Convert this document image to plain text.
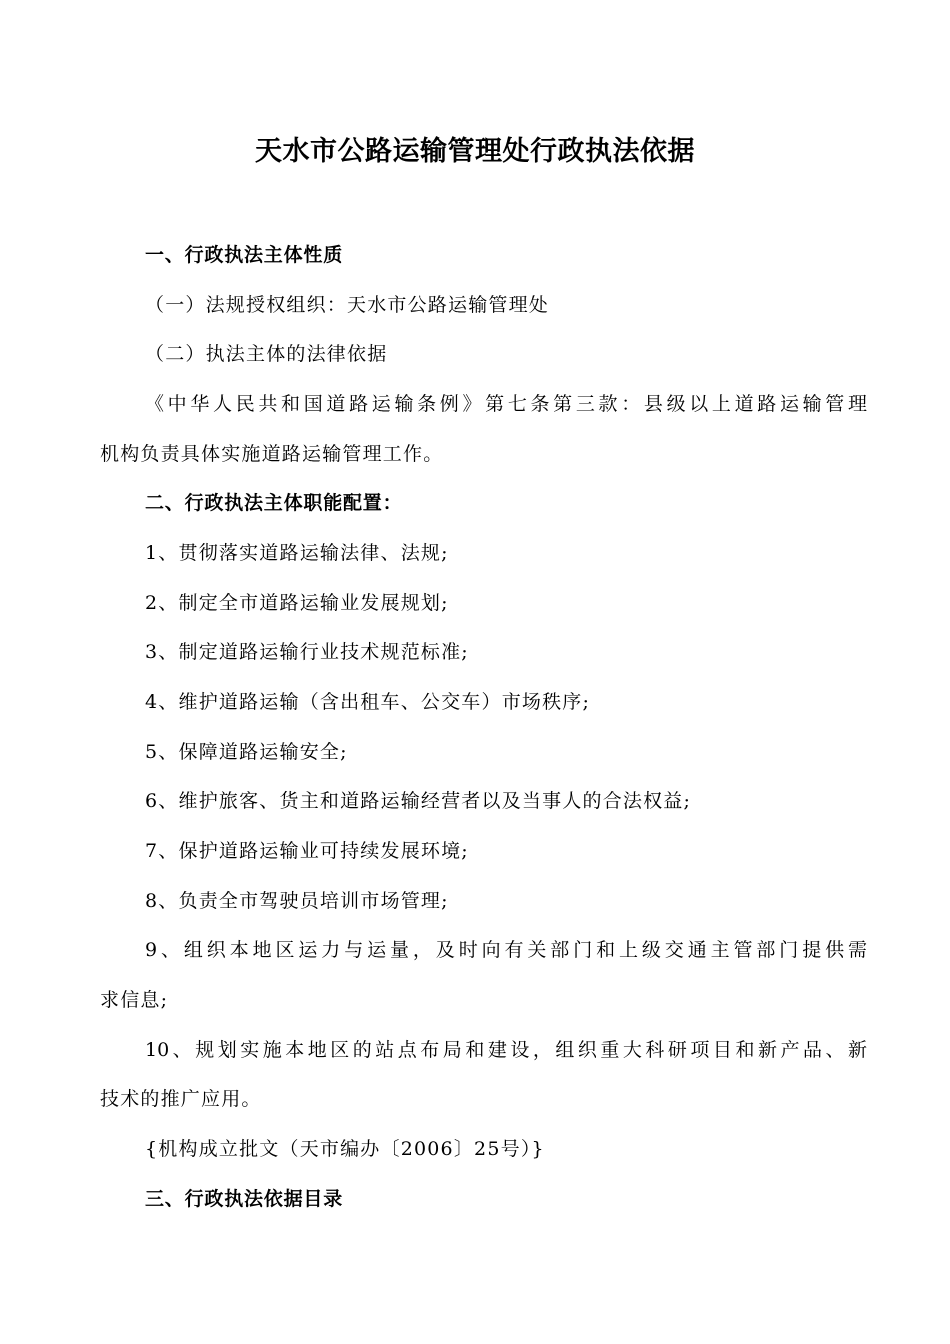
天水市公路运输管理处行政执法依据
一、行政执法主体性质
（一）法规授权组织：天水市公路运输管理处
（二）执法主体的法律依据
《中华人民共和国道路运输条例》第七条第三款：县级以上道路运输管理
机构负责具体实施道路运输管理工作。
二、行政执法主体职能配置：
1、贯彻落实道路运输法律、法规;
2、制定全市道路运输业发展规划;
3、制定道路运输行业技术规范标准;
4、维护道路运输（含出租车、公交车）市场秩序;
5、保障道路运输安全;
6、维护旅客、货主和道路运输经营者以及当事人的合法权益;
7、保护道路运输业可持续发展环境;
8、负责全市驾驶员培训市场管理;
9、组织本地区运力与运量，及时向有关部门和上级交通主管部门提供需
求信息;
10、规划实施本地区的站点布局和建设，组织重大科研项目和新产品、新
技术的推广应用。
{机构成立批文（天市编办〔2006〕25号）}
三、行政执法依据目录
